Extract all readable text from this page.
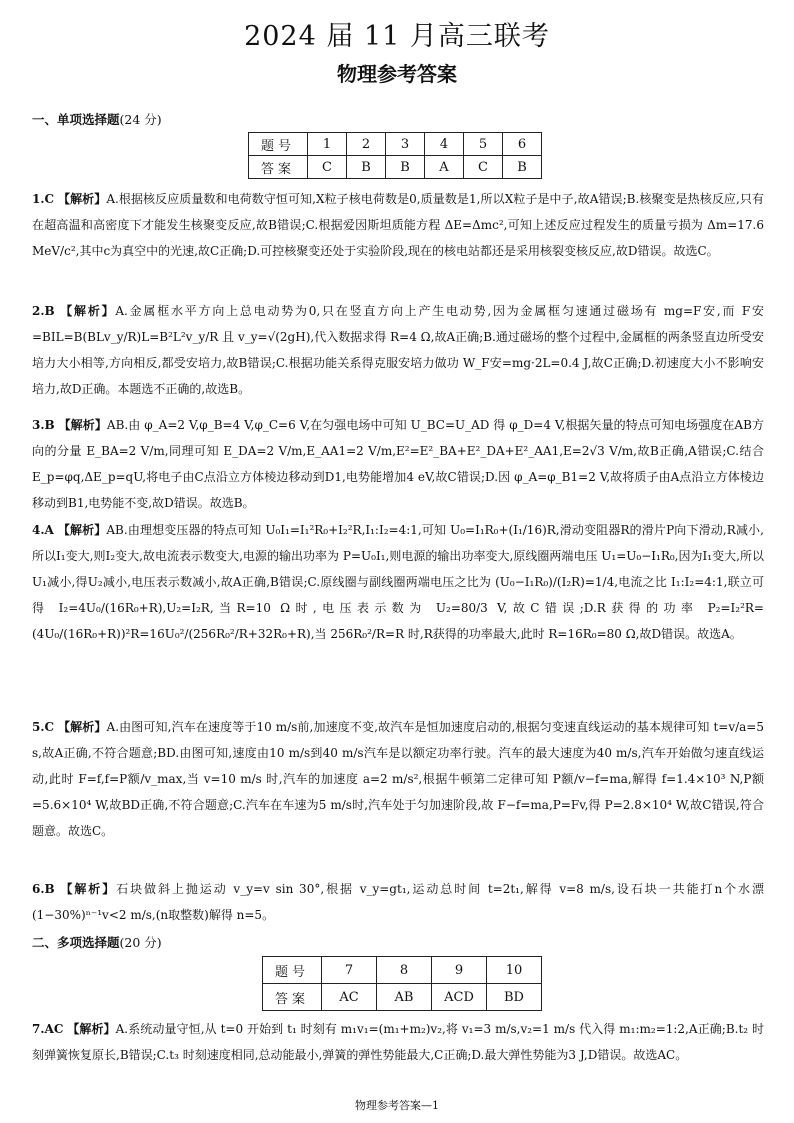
2024 届 11 月高三联考
物理参考答案
一、单项选择题(24 分)
题号	1	2	3	4	5	6
答案	C	B	B	A	C	B
1.C 【解析】A.根据核反应质量数和电荷数守恒可知,X粒子核电荷数是0,质量数是1,所以X粒子是中子,故A错误;B.核聚变是热核反应,只有在超高温和高密度下才能发生核聚变反应,故B错误;C.根据爱因斯坦质能方程 ΔE=Δmc²,可知上述反应过程发生的质量亏损为 Δm=17.6 MeV/c²,其中c为真空中的光速,故C正确;D.可控核聚变还处于实验阶段,现在的核电站都还是采用核裂变核反应,故D错误。故选C。
2.B 【解析】A.金属框水平方向上总电动势为0,只在竖直方向上产生电动势,因为金属框匀速通过磁场有 mg=F安,而 F安=BIL=B(BLv_y/R)L=B²L²v_y/R 且 v_y=√(2gH),代入数据求得 R=4 Ω,故A正确;B.通过磁场的整个过程中,金属框的两条竖直边所受安培力大小相等,方向相反,都受安培力,故B错误;C.根据功能关系得克服安培力做功 W_F安=mg·2L=0.4 J,故C正确;D.初速度大小不影响安培力,故D正确。本题选不正确的,故选B。
3.B 【解析】AB.由 φ_A=2 V,φ_B=4 V,φ_C=6 V,在匀强电场中可知 U_BC=U_AD 得 φ_D=4 V,根据矢量的特点可知电场强度在AB方向的分量 E_BA=2 V/m,同理可知 E_DA=2 V/m,E_AA1=2 V/m,E²=E²_BA+E²_DA+E²_AA1,E=2√3 V/m,故B正确,A错误;C.结合 E_p=φq,ΔE_p=qU,将电子由C点沿立方体棱边移动到D1,电势能增加4 eV,故C错误;D.因 φ_A=φ_B1=2 V,故将质子由A点沿立方体棱边移动到B1,电势能不变,故D错误。故选B。
4.A 【解析】AB.由理想变压器的特点可知 U₀I₁=I₁²R₀+I₂²R,I₁:I₂=4:1,可知 U₀=I₁R₀+(I₁/16)R,滑动变阻器R的滑片P向下滑动,R减小,所以I₁变大,则I₂变大,故电流表示数变大,电源的输出功率为 P=U₀I₁,则电源的输出功率变大,原线圈两端电压 U₁=U₀−I₁R₀,因为I₁变大,所以U₁减小,得U₂减小,电压表示数减小,故A正确,B错误;C.原线圈与副线圈两端电压之比为 (U₀−I₁R₀)/(I₂R)=1/4,电流之比 I₁:I₂=4:1,联立可得 I₂=4U₀/(16R₀+R),U₂=I₂R,当R=10 Ω时,电压表示数为 U₂=80/3 V,故C错误;D.R获得的功率 P₂=I₂²R=(4U₀/(16R₀+R))²R=16U₀²/(256R₀²/R+32R₀+R),当 256R₀²/R=R 时,R获得的功率最大,此时 R=16R₀=80 Ω,故D错误。故选A。
5.C 【解析】A.由图可知,汽车在速度等于10 m/s前,加速度不变,故汽车是恒加速度启动的,根据匀变速直线运动的基本规律可知 t=v/a=5 s,故A正确,不符合题意;BD.由图可知,速度由10 m/s到40 m/s汽车是以额定功率行驶。汽车的最大速度为40 m/s,汽车开始做匀速直线运动,此时 F=f,f=P额/v_max,当 v=10 m/s 时,汽车的加速度 a=2 m/s²,根据牛顿第二定律可知 P额/v−f=ma,解得 f=1.4×10³ N,P额=5.6×10⁴ W,故BD正确,不符合题意;C.汽车在车速为5 m/s时,汽车处于匀加速阶段,故 F−f=ma,P=Fv,得 P=2.8×10⁴ W,故C错误,符合题意。故选C。
6.B 【解析】石块做斜上抛运动 v_y=v sin 30°,根据 v_y=gt₁,运动总时间 t=2t₁,解得 v=8 m/s,设石块一共能打n个水漂(1−30%)ⁿ⁻¹v<2 m/s,(n取整数)解得 n=5。
二、多项选择题(20 分)
题号	7	8	9	10
答案	AC	AB	ACD	BD
7.AC 【解析】A.系统动量守恒,从 t=0 开始到 t₁ 时刻有 m₁v₁=(m₁+m₂)v₂,将 v₁=3 m/s,v₂=1 m/s 代入得 m₁:m₂=1:2,A正确;B.t₂ 时刻弹簧恢复原长,B错误;C.t₃ 时刻速度相同,总动能最小,弹簧的弹性势能最大,C正确;D.最大弹性势能为3 J,D错误。故选AC。
物理参考答案—1
